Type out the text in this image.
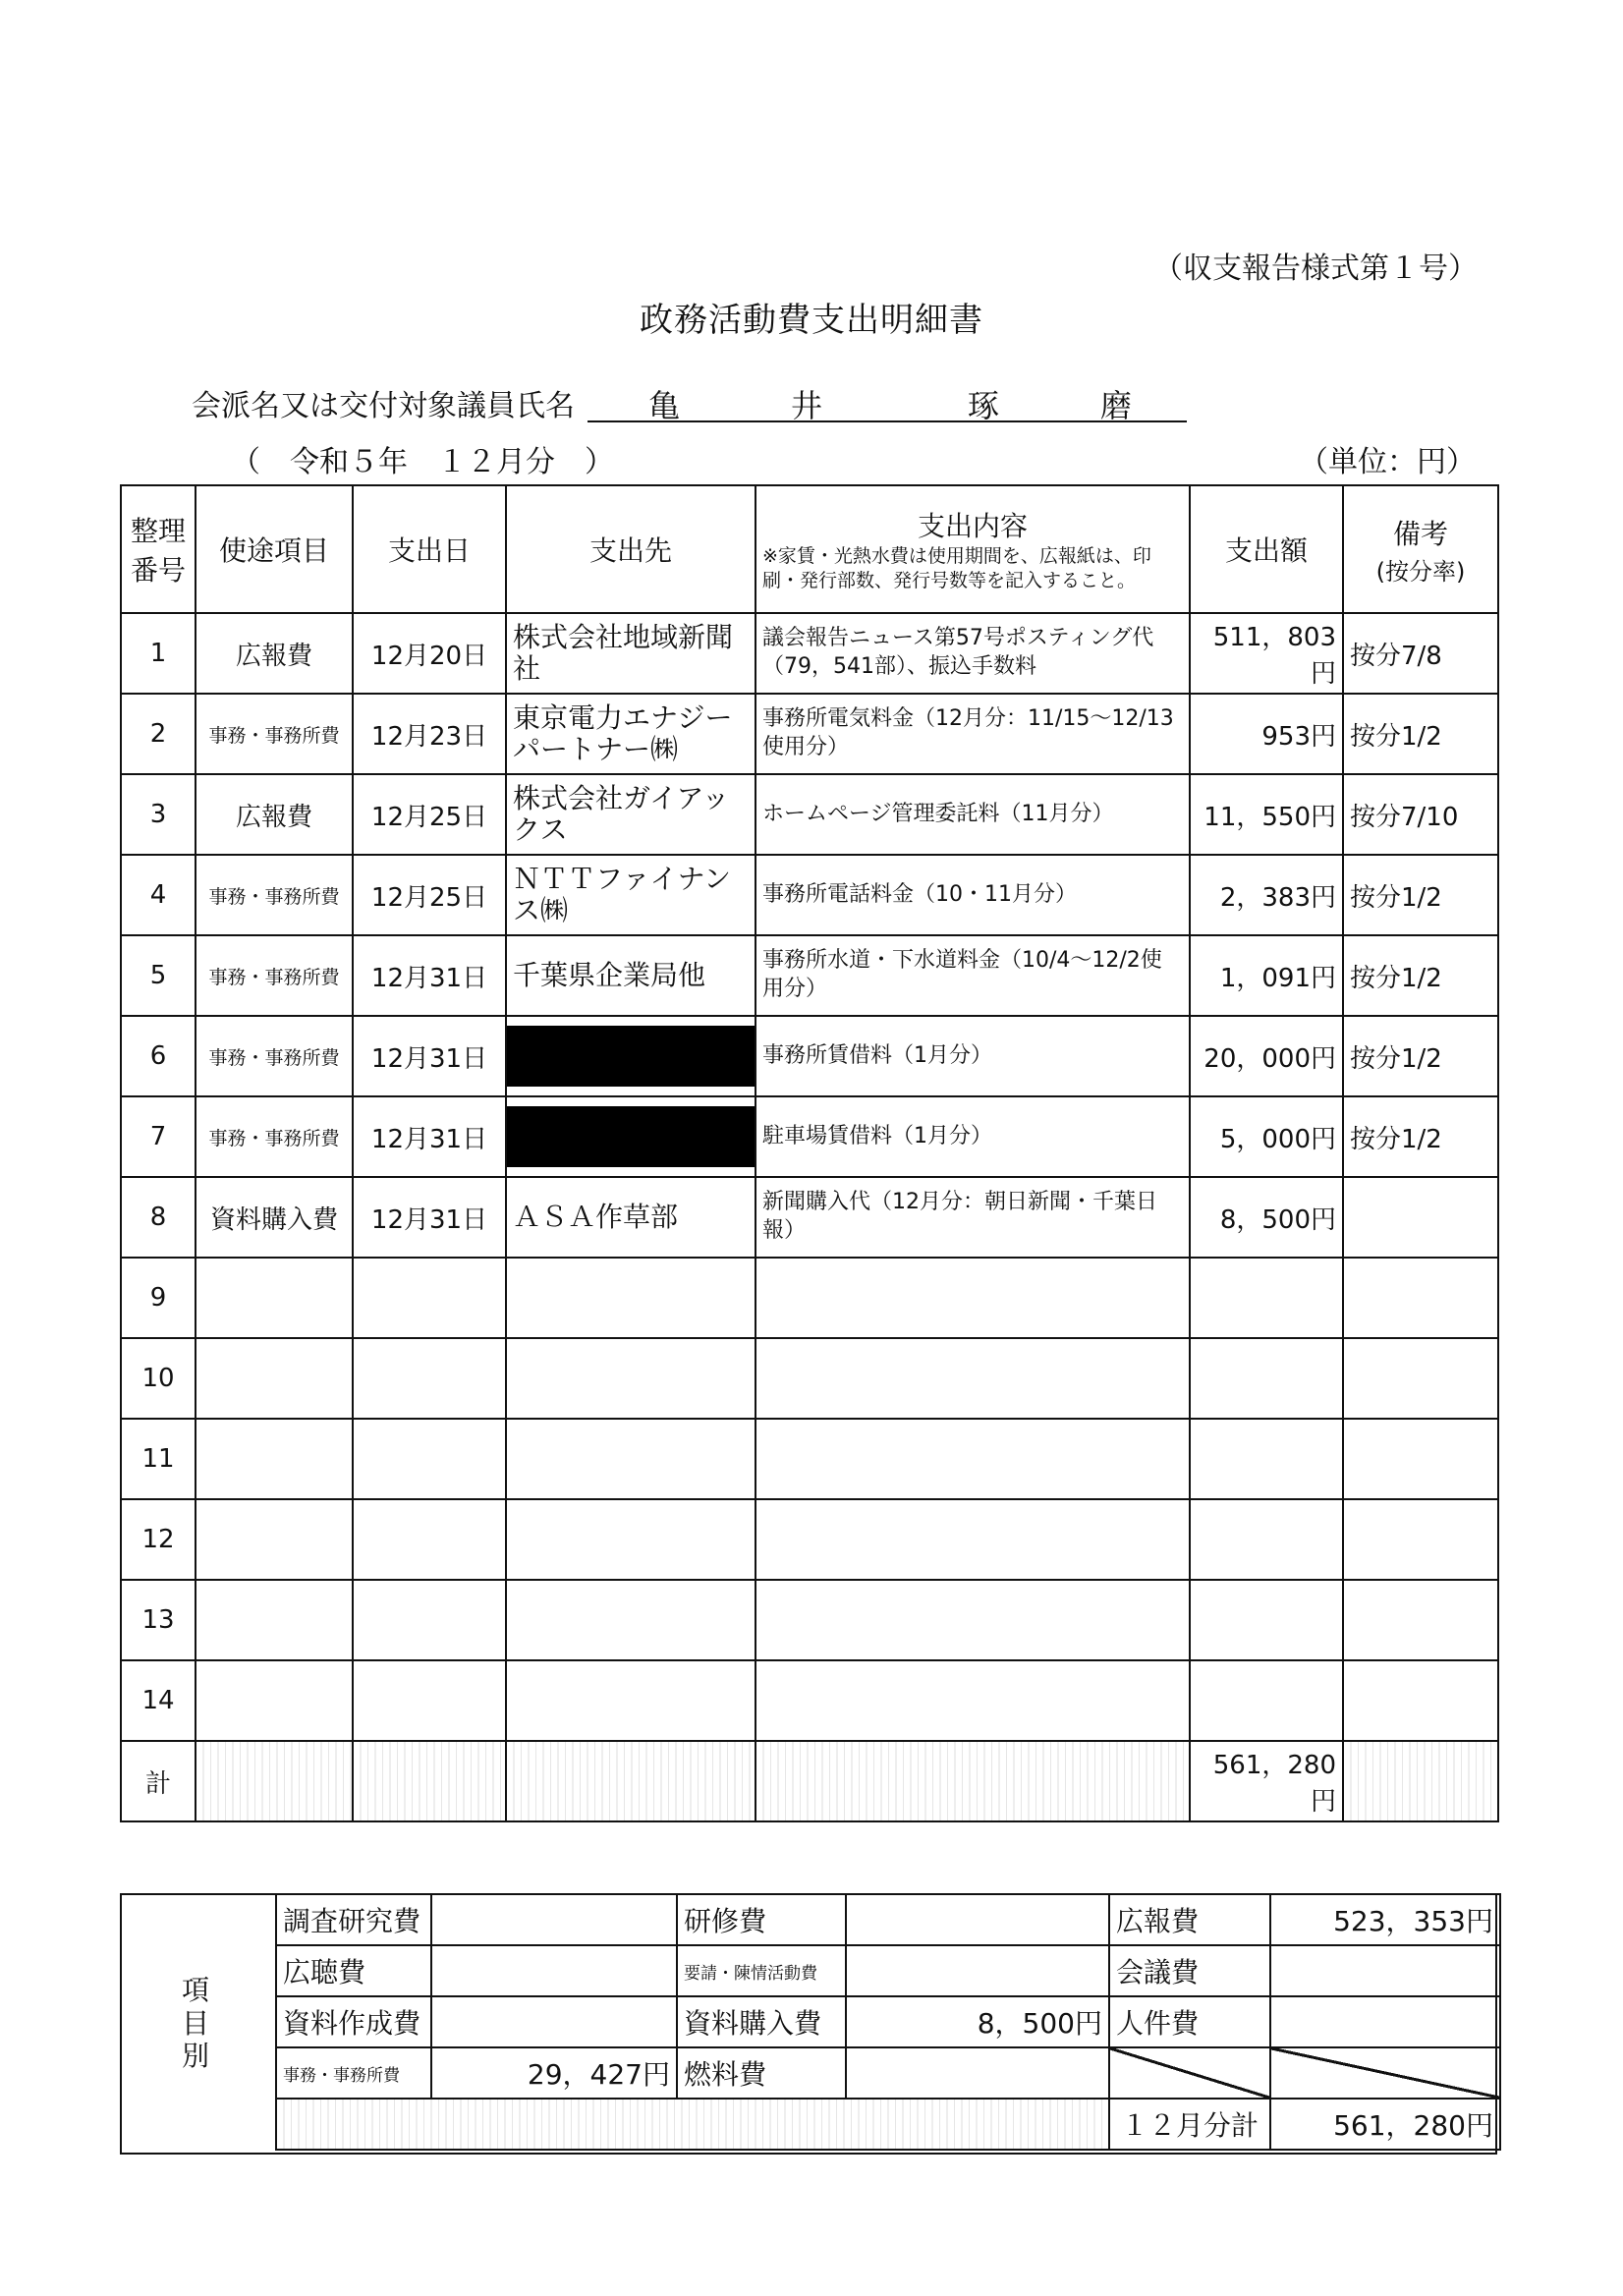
（収支報告様式第１号）
政務活動費支出明細書
会派名又は交付対象議員氏名 亀	井	琢	磨
（　令和５年　１２月分　）	（単位：円）
整理番号	使途項目	支出日	支出先	支出内容
※家賃・光熱水費は使用期間を、広報紙は、印刷・発行部数、発行号数等を記入すること。	支出額	備考
(按分率)
1	広報費	12月20日	株式会社地域新聞社	議会報告ニュース第57号ポスティング代（79，541部）、振込手数料	511，803円	按分7/8
2	事務・事務所費	12月23日	東京電力エナジーパートナー㈱	事務所電気料金（12月分：11/15～12/13使用分）	953円	按分1/2
3	広報費	12月25日	株式会社ガイアックス	ホームページ管理委託料（11月分）	11，550円	按分7/10
4	事務・事務所費	12月25日	ＮＴＴファイナンス㈱	事務所電話料金（10・11月分）	2，383円	按分1/2
5	事務・事務所費	12月31日	千葉県企業局他	事務所水道・下水道料金（10/4～12/2使用分）	1，091円	按分1/2
6	事務・事務所費	12月31日		事務所賃借料（1月分）	20，000円	按分1/2
7	事務・事務所費	12月31日		駐車場賃借料（1月分）	5，000円	按分1/2
8	資料購入費	12月31日	ＡＳＡ作草部	新聞購入代（12月分：朝日新聞・千葉日報）	8，500円	
9						
10						
11						
12						
13						
14						
計					561，280円	
項目別
調査研究費		研修費		広報費	523，353円
広聴費		要請・陳情活動費		会議費	
資料作成費		資料購入費	8，500円	人件費	
事務・事務所費	29，427円	燃料費			
				１２月分計	561，280円
